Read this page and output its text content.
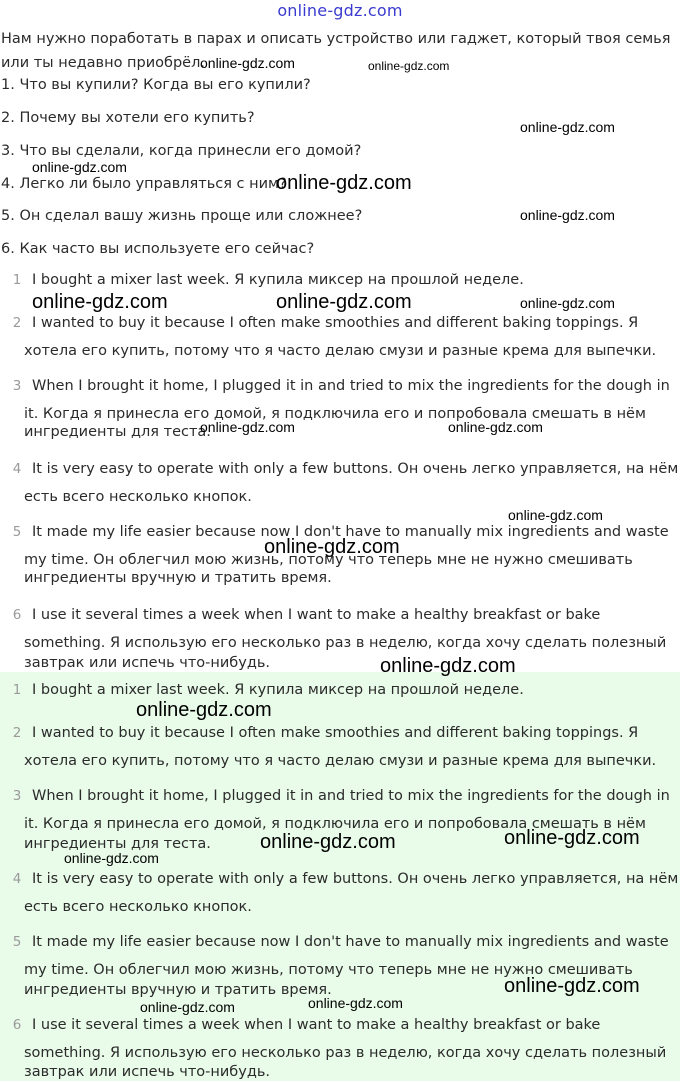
online-gdz.com
Нам нужно поработать в парах и описать устройство или гаджет, который твоя семья
или ты недавно приобрёл.
1. Что вы купили? Когда вы его купили?
2. Почему вы хотели его купить?
3. Что вы сделали, когда принесли его домой?
4. Легко ли было управляться с ним?
5. Он сделал вашу жизнь проще или сложнее?
6. Как часто вы используете его сейчас?
1 I bought a mixer last week. Я купила миксер на прошлой неделе.
2 I wanted to buy it because I often make smoothies and different baking toppings. Я
хотела его купить, потому что я часто делаю смузи и разные крема для выпечки.
3 When I brought it home, I plugged it in and tried to mix the ingredients for the dough in
it. Когда я принесла его домой, я подключила его и попробовала смешать в нём
ингредиенты для теста.
4 It is very easy to operate with only a few buttons. Он очень легко управляется, на нём
есть всего несколько кнопок.
5 It made my life easier because now I don't have to manually mix ingredients and waste
my time. Он облегчил мою жизнь, потому что теперь мне не нужно смешивать
ингредиенты вручную и тратить время.
6 I use it several times a week when I want to make a healthy breakfast or bake
something. Я использую его несколько раз в неделю, когда хочу сделать полезный
завтрак или испечь что-нибудь.
1 I bought a mixer last week. Я купила миксер на прошлой неделе.
2 I wanted to buy it because I often make smoothies and different baking toppings. Я
хотела его купить, потому что я часто делаю смузи и разные крема для выпечки.
3 When I brought it home, I plugged it in and tried to mix the ingredients for the dough in
it. Когда я принесла его домой, я подключила его и попробовала смешать в нём
ингредиенты для теста.
4 It is very easy to operate with only a few buttons. Он очень легко управляется, на нём
есть всего несколько кнопок.
5 It made my life easier because now I don't have to manually mix ingredients and waste
my time. Он облегчил мою жизнь, потому что теперь мне не нужно смешивать
ингредиенты вручную и тратить время.
6 I use it several times a week when I want to make a healthy breakfast or bake
something. Я использую его несколько раз в неделю, когда хочу сделать полезный
завтрак или испечь что-нибудь.
online-gdz.com	online-gdz.com
online-gdz.com
online-gdz.com
online-gdz.com
online-gdz.com
online-gdz.com	online-gdz.com	online-gdz.com
online-gdz.com	online-gdz.com
online-gdz.com
online-gdz.com
online-gdz.com
online-gdz.com
online-gdz.com
online-gdz.com
online-gdz.com
online-gdz.com
online-gdz.com
online-gdz.com
